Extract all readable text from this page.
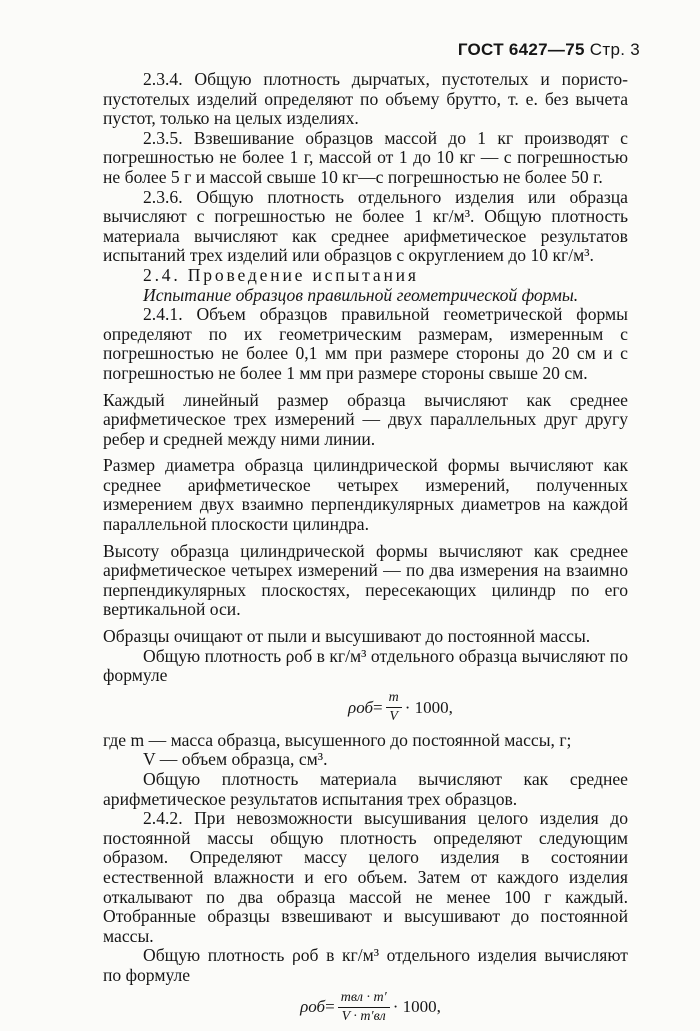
ГОСТ 6427—75 Стр. 3

2.3.4. Общую плотность дырчатых, пустотелых и пористо-пустотелых изделий определяют по объему брутто, т. е. без вычета пустот, только на целых изделиях.

2.3.5. Взвешивание образцов массой до 1 кг производят с погрешностью не более 1 г, массой от 1 до 10 кг — с погрешностью не более 5 г и массой свыше 10 кг—с погрешностью не более 50 г.

2.3.6. Общую плотность отдельного изделия или образца вычисляют с погрешностью не более 1 кг/м³. Общую плотность материала вычисляют как среднее арифметическое результатов испытаний трех изделий или образцов с округлением до 10 кг/м³.

2.4. Проведение испытания

Испытание образцов правильной геометрической формы.

2.4.1. Объем образцов правильной геометрической формы определяют по их геометрическим размерам, измеренным с погрешностью не более 0,1 мм при размере стороны до 20 см и с погрешностью не более 1 мм при размере стороны свыше 20 см.

Каждый линейный размер образца вычисляют как среднее арифметическое трех измерений — двух параллельных друг другу ребер и средней между ними линии.

Размер диаметра образца цилиндрической формы вычисляют как среднее арифметическое четырех измерений, полученных измерением двух взаимно перпендикулярных диаметров на каждой параллельной плоскости цилиндра.

Высоту образца цилиндрической формы вычисляют как среднее арифметическое четырех измерений — по два измерения на взаимно перпендикулярных плоскостях, пересекающих цилиндр по его вертикальной оси.

Образцы очищают от пыли и высушивают до постоянной массы.

Общую плотность ρоб в кг/м³ отдельного образца вычисляют по формуле

$\rho об = \frac{m}{V} \cdot 1000$,

где m — масса образца, высушенного до постоянной массы, г;

V — объем образца, см³.

Общую плотность материала вычисляют как среднее арифметическое результатов испытания трех образцов.

2.4.2. При невозможности высушивания целого изделия до постоянной массы общую плотность определяют следующим образом. Определяют массу целого изделия в состоянии естественной влажности и его объем. Затем от каждого изделия откалывают по два образца массой не менее 100 г каждый. Отобранные образцы взвешивают и высушивают до постоянной массы.

Общую плотность ρоб в кг/м³ отдельного изделия вычисляют по формуле

$\rho об = \frac{\text{mвл · m′}}{V \cdot m'вл} \cdot 1000$,
